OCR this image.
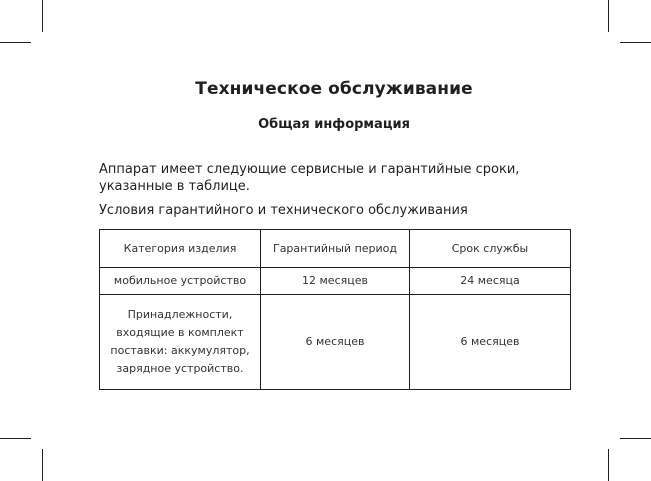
Техническое обслуживание
Общая информация
Аппарат имеет следующие сервисные и гарантийные сроки, указанные в таблице.
Условия гарантийного и технического обслуживания
Категория изделия	Гарантийный период	Срок службы
мобильное устройство	12 месяцев	24 месяца
Принадлежности, входящие в комплект поставки: аккумулятор, зарядное устройство.	6 месяцев	6 месяцев
